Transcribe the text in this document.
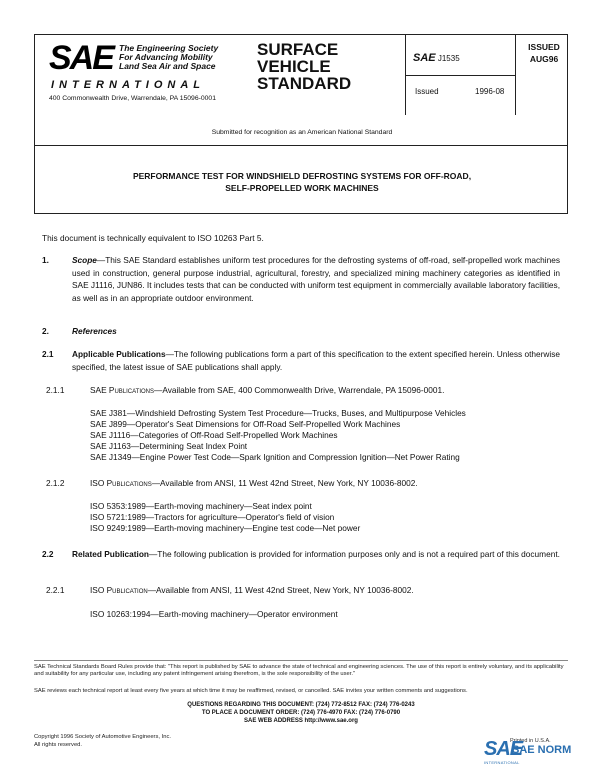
SAE The Engineering Society
For Advancing Mobility
Land Sea Air and Space
INTERNATIONAL
400 Commonwealth Drive, Warrendale, PA 15096-0001
SURFACE
VEHICLE
STANDARD
SAE J1535
Issued	1996-08
ISSUED
AUG96
Submitted for recognition as an American National Standard
PERFORMANCE TEST FOR WINDSHIELD DEFROSTING SYSTEMS FOR OFF-ROAD,
SELF-PROPELLED WORK MACHINES
This document is technically equivalent to ISO 10263 Part 5.
1.	Scope—This SAE Standard establishes uniform test procedures for the defrosting systems of off-road, self-propelled work machines used in construction, general purpose industrial, agricultural, forestry, and specialized mining machinery categories as identified in SAE J1116, JUN86. It includes tests that can be conducted with uniform test equipment in commercially available laboratory facilities, as well as in an appropriate outdoor environment.
2.	References
2.1 Applicable Publications—The following publications form a part of this specification to the extent specified herein. Unless otherwise specified, the latest issue of SAE publications shall apply.
2.1.1	SAE Publications—Available from SAE, 400 Commonwealth Drive, Warrendale, PA 15096-0001.
SAE J381—Windshield Defrosting System Test Procedure—Trucks, Buses, and Multipurpose Vehicles
SAE J899—Operator's Seat Dimensions for Off-Road Self-Propelled Work Machines
SAE J1116—Categories of Off-Road Self-Propelled Work Machines
SAE J1163—Determining Seat Index Point
SAE J1349—Engine Power Test Code—Spark Ignition and Compression Ignition—Net Power Rating
2.1.2	ISO Publications—Available from ANSI, 11 West 42nd Street, New York, NY 10036-8002.
ISO 5353:1989—Earth-moving machinery—Seat index point
ISO 5721:1989—Tractors for agriculture—Operator's field of vision
ISO 9249:1989—Earth-moving machinery—Engine test code—Net power
2.2 Related Publication—The following publication is provided for information purposes only and is not a required part of this document.
2.2.1	ISO Publication—Available from ANSI, 11 West 42nd Street, New York, NY 10036-8002.
ISO 10263:1994—Earth-moving machinery—Operator environment
SAE Technical Standards Board Rules provide that: "This report is published by SAE to advance the state of technical and engineering sciences. The use of this report is entirely voluntary, and its applicability and suitability for any particular use, including any patent infringement arising therefrom, is the sole responsibility of the user."
SAE reviews each technical report at least every five years at which time it may be reaffirmed, revised, or cancelled. SAE invites your written comments and suggestions.
QUESTIONS REGARDING THIS DOCUMENT: (724) 772-8512 FAX: (724) 776-0243
TO PLACE A DOCUMENT ORDER: (724) 776-4970 FAX: (724) 776-0790
SAE WEB ADDRESS http://www.sae.org
Copyright 1996 Society of Automotive Engineers, Inc.
All rights reserved.
Printed in U.S.A.
SAE
SAE NORM
INTERNATIONAL
